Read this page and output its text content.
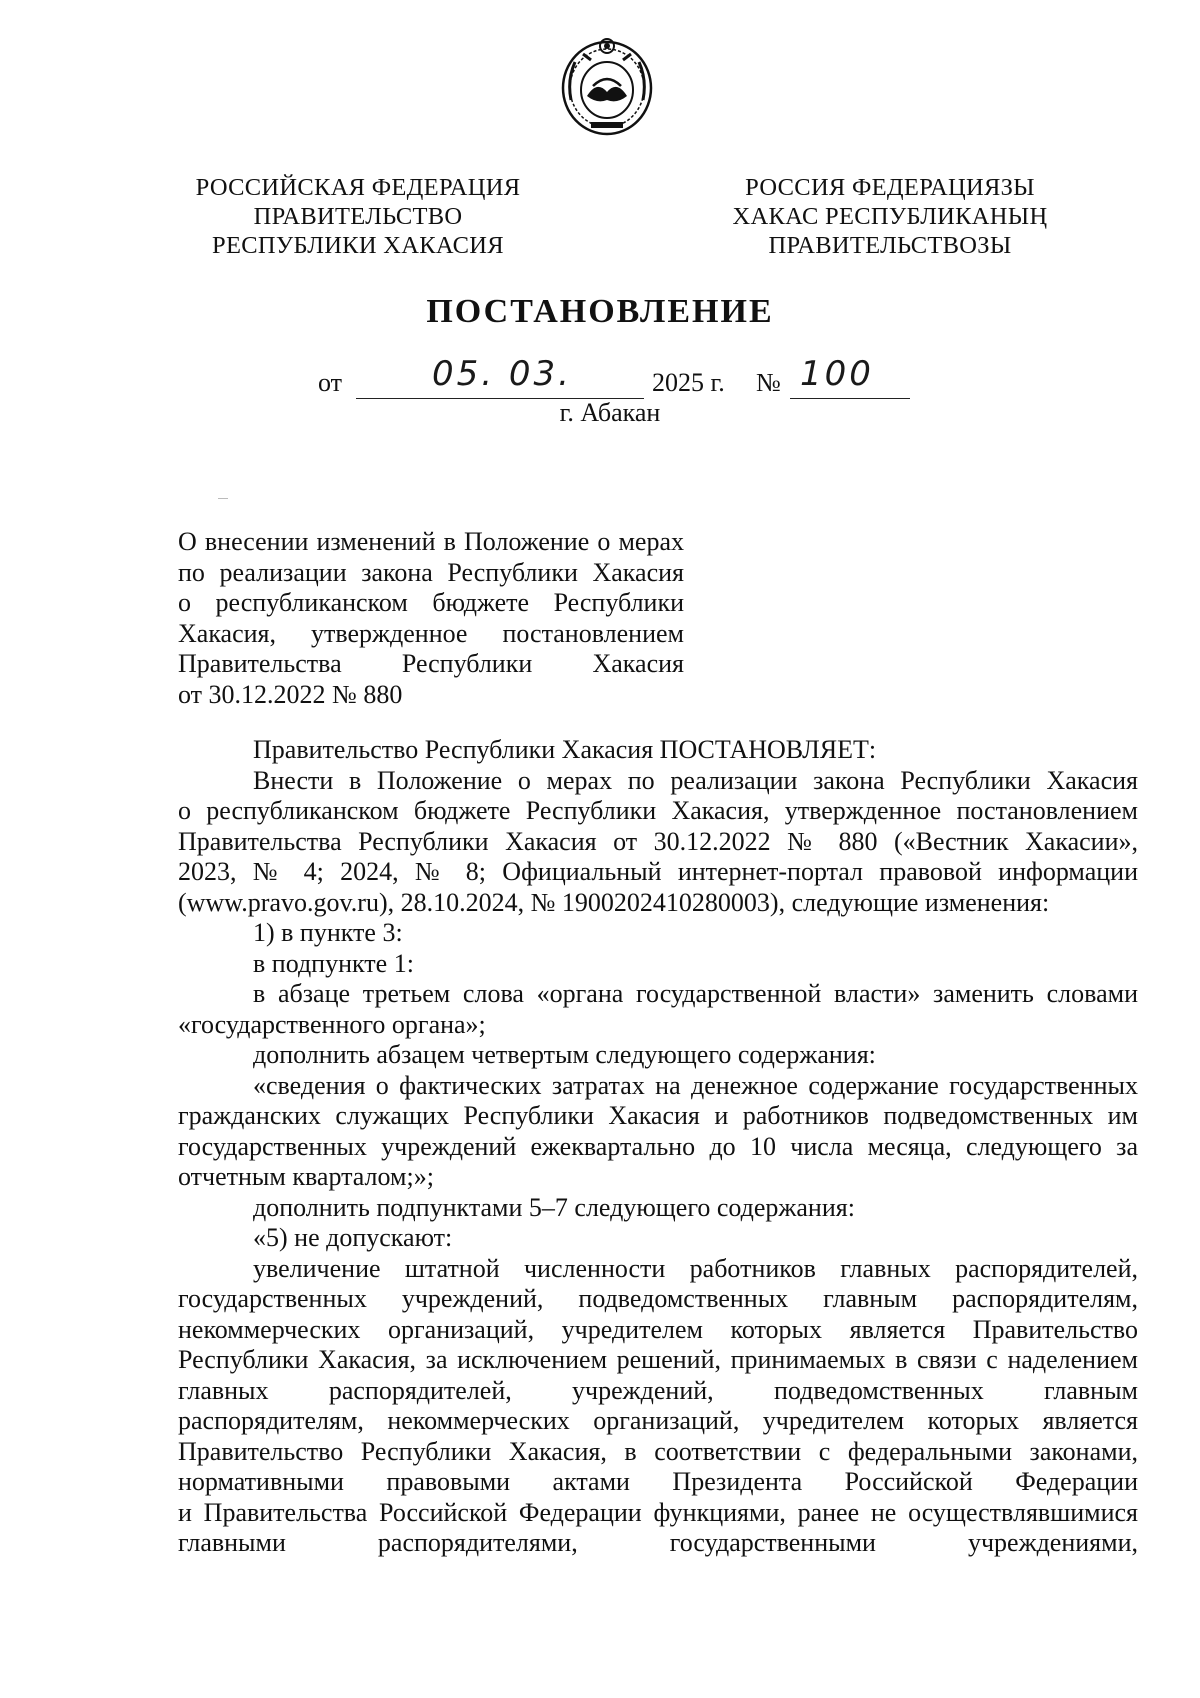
РОССИЙСКАЯ ФЕДЕРАЦИЯ
ПРАВИТЕЛЬСТВО
РЕСПУБЛИКИ ХАКАСИЯ
РОССИЯ ФЕДЕРАЦИЯЗЫ
ХАКАС РЕСПУБЛИКАНЫҢ
ПРАВИТЕЛЬСТВОЗЫ
ПОСТАНОВЛЕНИЕ
от	05. 03.	2025 г. № 100
г. Абакан
О внесении изменений в Положение о мерах
по реализации закона Республики Хакасия
о республиканском бюджете Республики
Хакасия, утвержденное постановлением
Правительства Республики Хакасия
от 30.12.2022 № 880
Правительство Республики Хакасия ПОСТАНОВЛЯЕТ:
Внести в Положение о мерах по реализации закона Республики Хакасия
о республиканском бюджете Республики Хакасия, утвержденное постановлением
Правительства Республики Хакасия от 30.12.2022 № 880 («Вестник Хакасии»,
2023, № 4; 2024, № 8; Официальный интернет-портал правовой информации
(www.pravo.gov.ru), 28.10.2024, № 1900202410280003), следующие изменения:
1) в пункте 3:
в подпункте 1:
в абзаце третьем слова «органа государственной власти» заменить словами
«государственного органа»;
дополнить абзацем четвертым следующего содержания:
«сведения о фактических затратах на денежное содержание государственных
гражданских служащих Республики Хакасия и работников подведомственных им
государственных учреждений ежеквартально до 10 числа месяца, следующего за
отчетным кварталом;»;
дополнить подпунктами 5–7 следующего содержания:
«5) не допускают:
увеличение штатной численности работников главных распорядителей,
государственных учреждений, подведомственных главным распорядителям,
некоммерческих организаций, учредителем которых является Правительство
Республики Хакасия, за исключением решений, принимаемых в связи с наделением
главных распорядителей, учреждений, подведомственных главным
распорядителям, некоммерческих организаций, учредителем которых является
Правительство Республики Хакасия, в соответствии с федеральными законами,
нормативными правовыми актами Президента Российской Федерации
и Правительства Российской Федерации функциями, ранее не осуществлявшимися
главными распорядителями, государственными учреждениями,
